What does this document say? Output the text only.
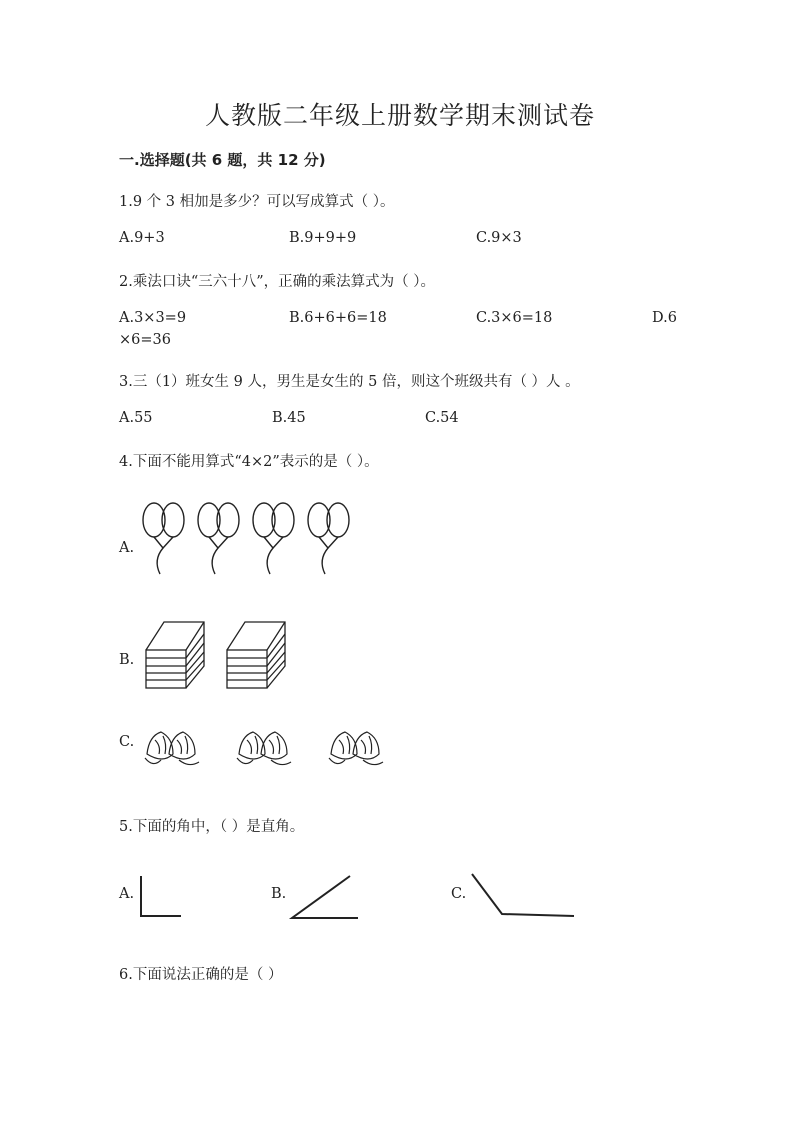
人教版二年级上册数学期末测试卷
一.选择题(共 6 题，共 12 分)
1.9 个 3 相加是多少？可以写成算式（ ）。
A.9+3	B.9+9+9	C.9×3
2.乘法口诀“三六十八”，正确的乘法算式为（ ）。
A.3×3=9	B.6+6+6=18	C.3×6=18	D.6
×6=36
3.三（1）班女生 9 人，男生是女生的 5 倍，则这个班级共有（ ）人 。
A.55	B.45	C.54
4.下面不能用算式“4×2”表示的是（ ）。
A.
B.
C.
5.下面的角中，（ ）是直角。
A.	B.	C.
6.下面说法正确的是（ ）
